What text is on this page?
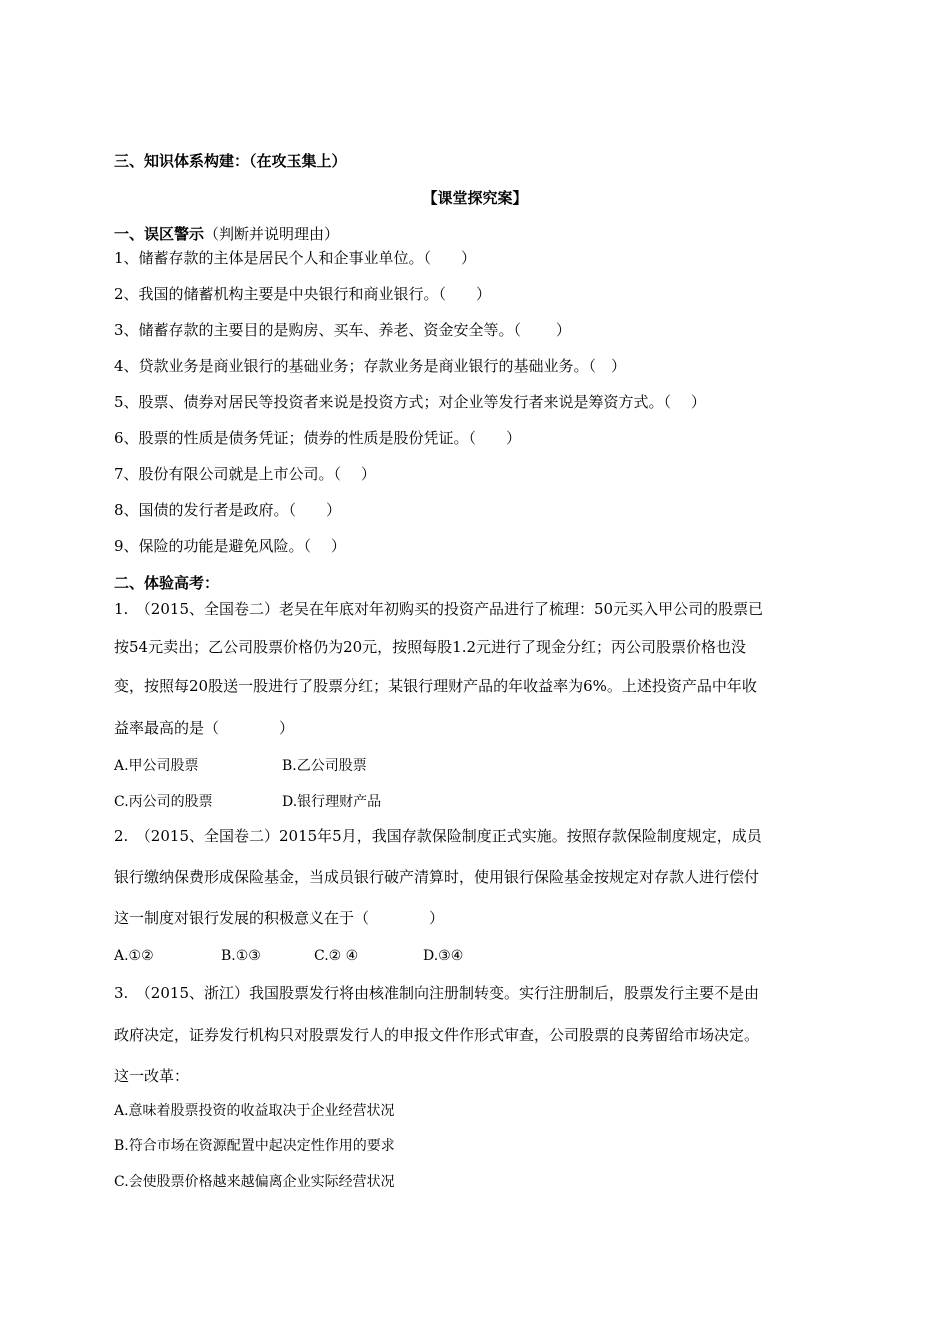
三、知识体系构建：（在攻玉集上）
【课堂探究案】
一、误区警示（判断并说明理由）
1、储蓄存款的主体是居民个人和企事业单位。（　　）
2、我国的储蓄机构主要是中央银行和商业银行。（　　）
3、储蓄存款的主要目的是购房、买车、养老、资金安全等。（　　 ）
4、贷款业务是商业银行的基础业务；存款业务是商业银行的基础业务。（　）
5、股票、债券对居民等投资者来说是投资方式；对企业等发行者来说是筹资方式。（　 ）
6、股票的性质是债务凭证；债券的性质是股份凭证。（　　）
7、股份有限公司就是上市公司。（　 ）
8、国债的发行者是政府。（　　）
9、保险的功能是避免风险。（　 ）
二、体验高考：
1.　（2015、全国卷二）老吴在年底对年初购买的投资产品进行了梳理：50元买入甲公司的股票已
按54元卖出；乙公司股票价格仍为20元，按照每股1.2元进行了现金分红；丙公司股票价格也没
变，按照每20股送一股进行了股票分红；某银行理财产品的年收益率为6%。上述投资产品中年收
益率最高的是（　　　　）
A.甲公司股票	B.乙公司股票
C.丙公司的股票	D.银行理财产品
2.　（2015、全国卷二）2015年5月，我国存款保险制度正式实施。按照存款保险制度规定，成员
银行缴纳保费形成保险基金，当成员银行破产清算时，使用银行保险基金按规定对存款人进行偿付
这一制度对银行发展的积极意义在于（　　　　）
A.①②	B.①③	C.② ④	D.③④
3.　（2015、浙江）我国股票发行将由核准制向注册制转变。实行注册制后，股票发行主要不是由
政府决定，证券发行机构只对股票发行人的申报文件作形式审查，公司股票的良莠留给市场决定。
这一改革：
A.意味着股票投资的收益取决于企业经营状况
B.符合市场在资源配置中起决定性作用的要求
C.会使股票价格越来越偏离企业实际经营状况
